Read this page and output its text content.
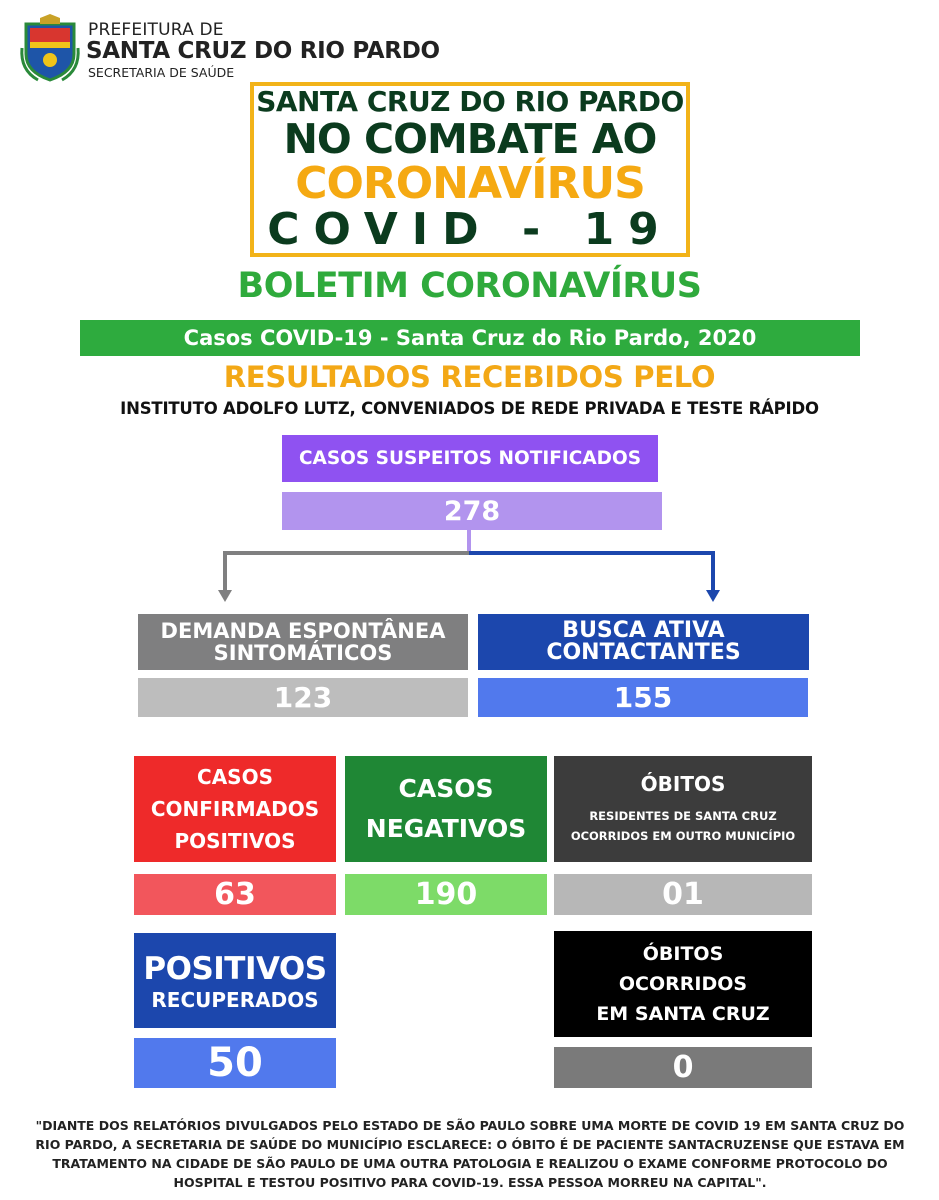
PREFEITURA DE
SANTA CRUZ DO RIO PARDO
SECRETARIA DE SAÚDE
SANTA CRUZ DO RIO PARDO
NO COMBATE AO
CORONAVÍRUS
COVID - 19
BOLETIM CORONAVÍRUS
Casos COVID-19 - Santa Cruz do Rio Pardo, 2020
RESULTADOS RECEBIDOS PELO
INSTITUTO ADOLFO LUTZ, CONVENIADOS DE REDE PRIVADA E TESTE RÁPIDO
CASOS SUSPEITOS NOTIFICADOS
278
DEMANDA ESPONTÂNEA
SINTOMÁTICOS
123
BUSCA ATIVA
CONTACTANTES
155
CASOS
CONFIRMADOS
POSITIVOS
63
CASOS
NEGATIVOS
190
ÓBITOS
RESIDENTES DE SANTA CRUZ
OCORRIDOS EM OUTRO MUNICÍPIO
01
POSITIVOS
RECUPERADOS
50
ÓBITOS
OCORRIDOS
EM SANTA CRUZ
0
"DIANTE DOS RELATÓRIOS DIVULGADOS PELO ESTADO DE SÃO PAULO SOBRE UMA MORTE DE COVID 19 EM SANTA CRUZ DO RIO PARDO, A SECRETARIA DE SAÚDE DO MUNICÍPIO ESCLARECE: O ÓBITO É DE PACIENTE SANTACRUZENSE QUE ESTAVA EM TRATAMENTO NA CIDADE DE SÃO PAULO DE UMA OUTRA PATOLOGIA E REALIZOU O EXAME CONFORME PROTOCOLO DO HOSPITAL E TESTOU POSITIVO PARA COVID-19. ESSA PESSOA MORREU NA CAPITAL".
